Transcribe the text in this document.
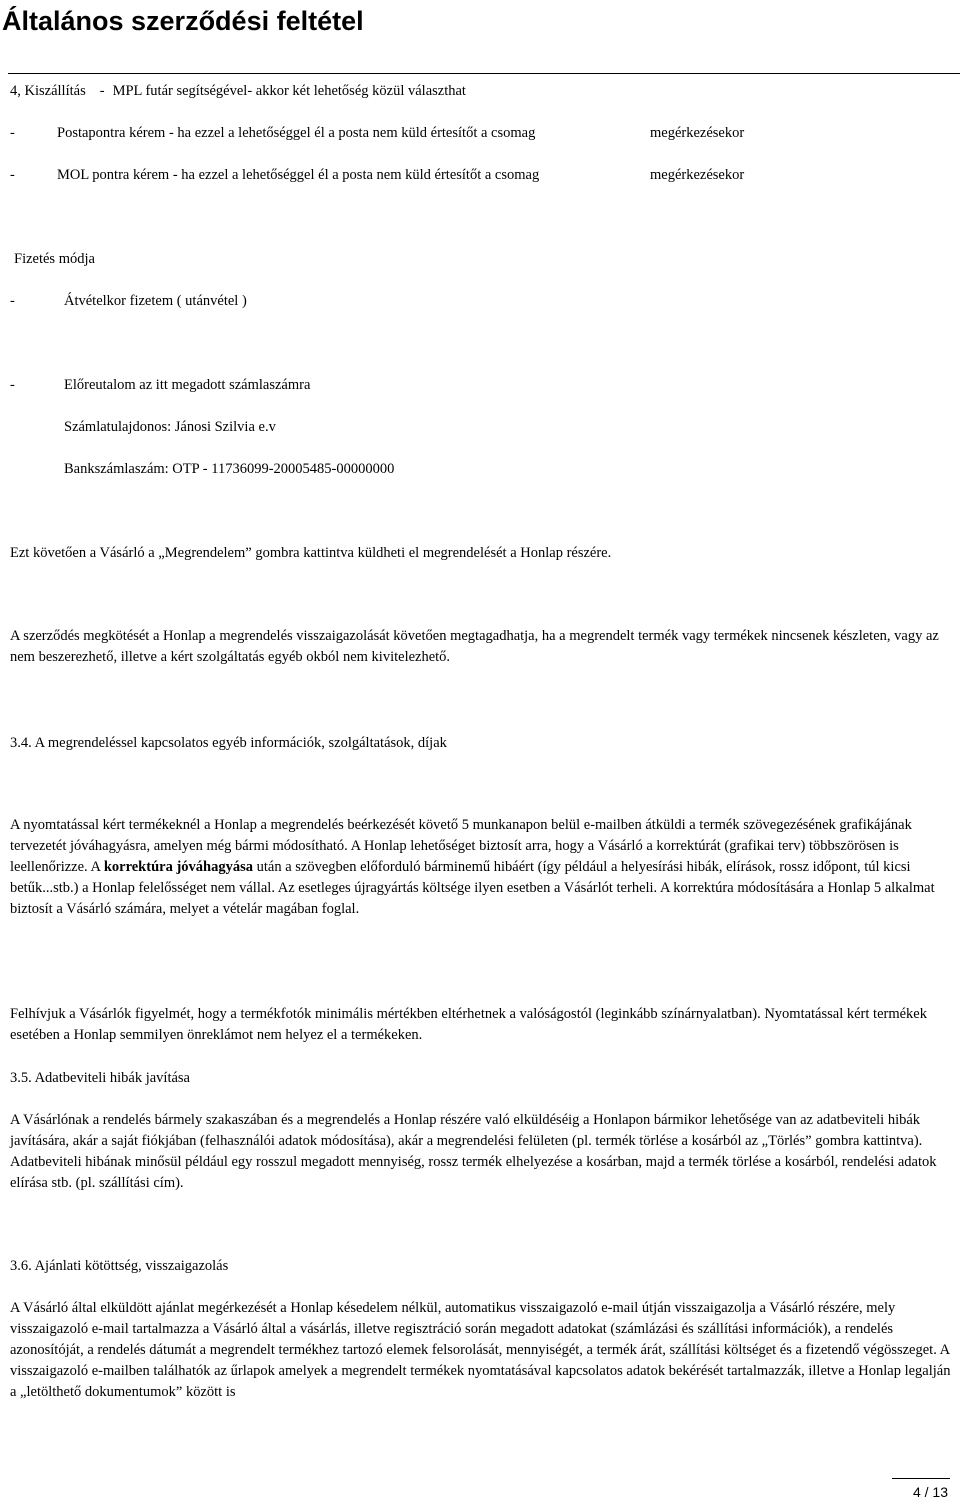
Általános szerződési feltétel
4, Kiszállítás - MPL futár segítségével- akkor két lehetőség közül választhat
-	Postapontra kérem - ha ezzel a lehetőséggel él a posta nem küld értesítőt a csomag	megérkezésekor
-	MOL pontra kérem - ha ezzel a lehetőséggel él a posta nem küld értesítőt a csomag	megérkezésekor
Fizetés módja
-	Átvételkor fizetem ( utánvétel )
-	Előreutalom az itt megadott számlaszámra
Számlatulajdonos: Jánosi Szilvia e.v
Bankszámlaszám: OTP - 11736099-20005485-00000000
Ezt követően a Vásárló a „Megrendelem” gombra kattintva küldheti el megrendelését a Honlap részére.
A szerződés megkötését a Honlap a megrendelés visszaigazolását követően megtagadhatja, ha a megrendelt termék vagy termékek nincsenek készleten, vagy az nem beszerezhető, illetve a kért szolgáltatás egyéb okból nem kivitelezhető.
3.4. A megrendeléssel kapcsolatos egyéb információk, szolgáltatások, díjak
A nyomtatással kért termékeknél a Honlap a megrendelés beérkezését követő 5 munkanapon belül e-mailben átküldi a termék szövegezésének grafikájának tervezetét jóváhagyásra, amelyen még bármi módosítható. A Honlap lehetőséget biztosít arra, hogy a Vásárló a korrektúrát (grafikai terv) többszörösen is leellenőrizze. A korrektúra jóváhagyása után a szövegben előforduló bárminemű hibáért (így például a helyesírási hibák, elírások, rossz időpont, túl kicsi betűk...stb.) a Honlap felelősséget nem vállal. Az esetleges újragyártás költsége ilyen esetben a Vásárlót terheli. A korrektúra módosítására a Honlap 5 alkalmat biztosít a Vásárló számára, melyet a vételár magában foglal.
Felhívjuk a Vásárlók figyelmét, hogy a termékfotók minimális mértékben eltérhetnek a valóságostól (leginkább színárnyalatban). Nyomtatással kért termékek esetében a Honlap semmilyen önreklámot nem helyez el a termékeken.
3.5. Adatbeviteli hibák javítása
A Vásárlónak a rendelés bármely szakaszában és a megrendelés a Honlap részére való elküldéséig a Honlapon bármikor lehetősége van az adatbeviteli hibák javítására, akár a saját fiókjában (felhasználói adatok módosítása), akár a megrendelési felületen (pl. termék törlése a kosárból az „Törlés” gombra kattintva). Adatbeviteli hibának minősül például egy rosszul megadott mennyiség, rossz termék elhelyezése a kosárban, majd a termék törlése a kosárból, rendelési adatok elírása stb. (pl. szállítási cím).
3.6. Ajánlati kötöttség, visszaigazolás
A Vásárló által elküldött ajánlat megérkezését a Honlap késedelem nélkül, automatikus visszaigazoló e-mail útján visszaigazolja a Vásárló részére, mely visszaigazoló e-mail tartalmazza a Vásárló által a vásárlás, illetve regisztráció során megadott adatokat (számlázási és szállítási információk), a rendelés azonosítóját, a rendelés dátumát a megrendelt termékhez tartozó elemek felsorolását, mennyiségét, a termék árát, szállítási költséget és a fizetendő végösszeget. A visszaigazoló e-mailben találhatók az űrlapok amelyek a megrendelt termékek nyomtatásával kapcsolatos adatok bekérését tartalmazzák, illetve a Honlap legalján a „letölthető dokumentumok” között is
4 / 13
